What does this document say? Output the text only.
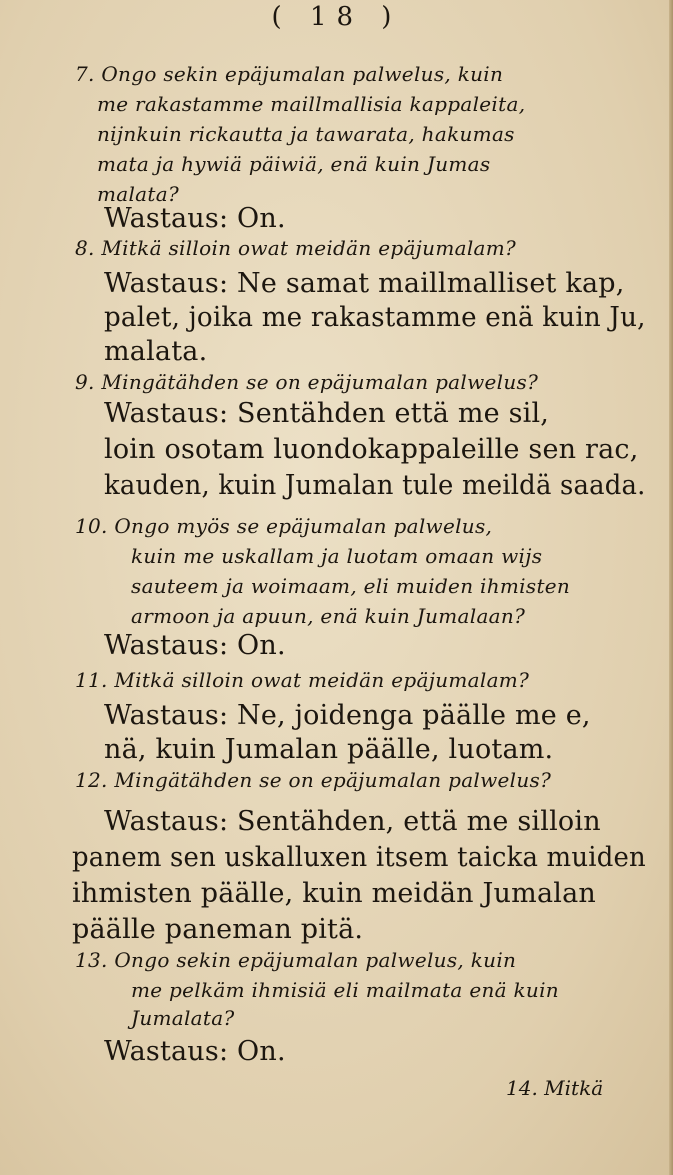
( 18 )
7. Ongo sekin epäjumalan palwelus, kuin
me rakastamme maillmallisia kappaleita,
nijnkuin rickautta ja tawarata, hakumas
mata ja hywiä päiwiä, enä kuin Jumas
malata?
Wastaus: On.
8. Mitkä silloin owat meidän epäjumalam?
Wastaus: Ne samat maillmalliset kap,
palet, joika me rakastamme enä kuin Ju,
malata.
9. Mingätähden se on epäjumalan palwelus?
Wastaus: Sentähden että me sil,
loin osotam luondokappaleille sen rac,
kauden, kuin Jumalan tule meildä saada.
10. Ongo myös se epäjumalan palwelus,
kuin me uskallam ja luotam omaan wijs
sauteem ja woimaam, eli muiden ihmisten
armoon ja apuun, enä kuin Jumalaan?
Wastaus: On.
11. Mitkä silloin owat meidän epäjumalam?
Wastaus: Ne, joidenga päälle me e,
nä, kuin Jumalan päälle, luotam.
12. Mingätähden se on epäjumalan palwelus?
Wastaus: Sentähden, että me silloin
panem sen uskalluxen itsem taicka muiden
ihmisten päälle, kuin meidän Jumalan
päälle paneman pitä.
13. Ongo sekin epäjumalan palwelus, kuin
me pelkäm ihmisiä eli mailmata enä kuin
Jumalata?
Wastaus: On.
14. Mitkä
